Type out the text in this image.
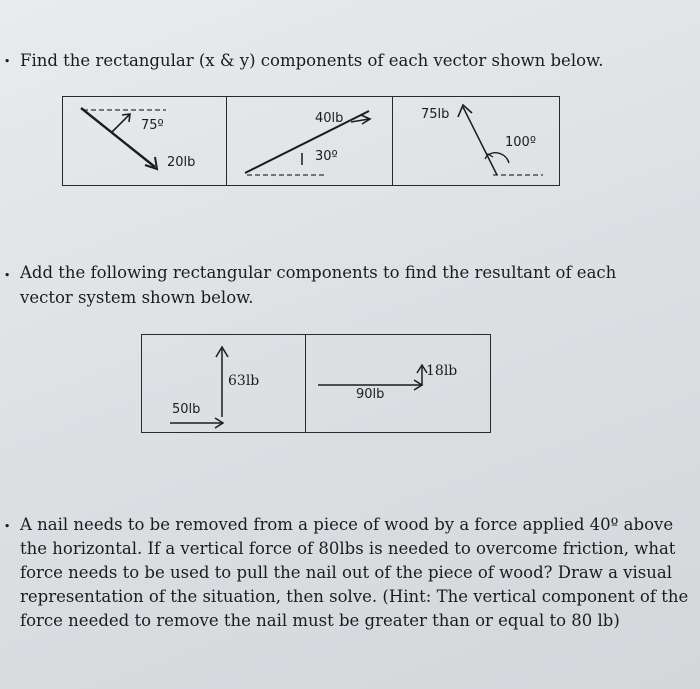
. Find the rectangular (x & y) components of each vector shown below.
75º
20lb
40lb
30º
75lb
100º
. Add the following rectangular components to find the resultant of each
vector system shown below.
63lb
50lb
18lb
90lb
. A nail needs to be removed from a piece of wood by a force applied 40º above
the horizontal. If a vertical force of 80lbs is needed to overcome friction, what
force needs to be used to pull the nail out of the piece of wood? Draw a visual
representation of the situation, then solve. (Hint: The vertical component of the
force needed to remove the nail must be greater than or equal to 80 lb)
